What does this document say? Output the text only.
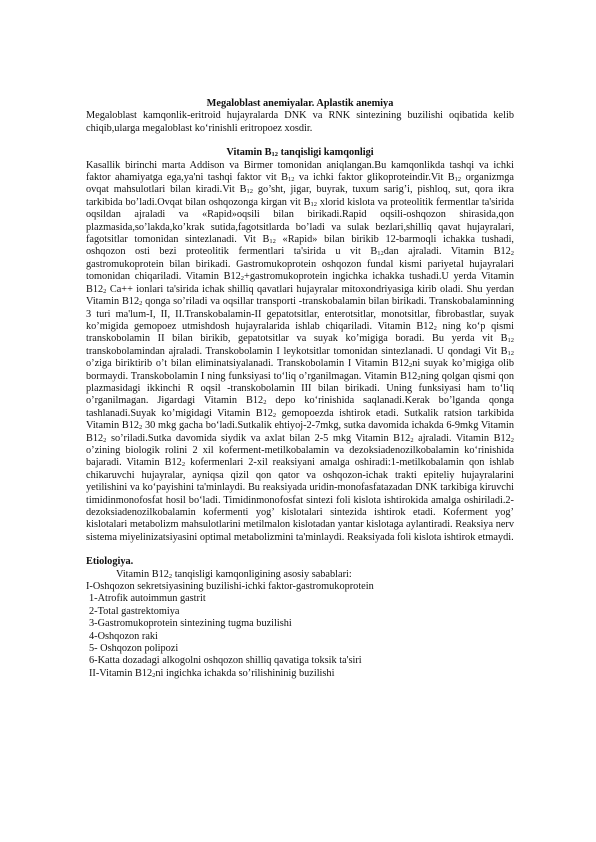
Megaloblast anemiyalar. Aplastik anemiya

Megaloblast kamqonlik-eritroid hujayralarda DNK va RNK sintezining buzilishi oqibatida kelib chiqib,ularga megaloblast ko‘rinishli eritropoez xosdir.

Vitamin $B_{12}$ tanqisligi kamqonligi

Kasallik birinchi marta Addison va Birmer tomonidan aniqlangan.Bu kamqonlikda tashqi va ichki faktor ahamiyatga ega,ya'ni tashqi faktor vit $B_{12}$ va ichki faktor glikoproteindir.Vit $B_{12}$ organizmga ovqat mahsulotlari bilan kiradi.Vit $B_{12}$ go’sht, jigar, buyrak, tuxum sarig’i, pishloq, sut, qora ikra tarkibida bo’ladi.Ovqat bilan oshqozonga kirgan vit $B_{12}$ xlorid kislota va proteolitik fermentlar ta'sirida oqsildan ajraladi va «Rapid»oqsili bilan birikadi.Rapid oqsili-oshqozon shirasida,qon plazmasida,so’lakda,ko’krak sutida,fagotsitlarda bo’ladi va sulak bezlari,shilliq qavat hujayralari, fagotsitlar tomonidan sintezlanadi. Vit $B_{12}$ «Rapid» bilan birikib 12-barmoqli ichakka tushadi, oshqozon osti bezi proteolitik fermentlari ta'sirida u vit $B_{12}dan$ ajraladi. Vitamin $B12_2$ gastromukoprotein bilan birikadi. Gastromukoprotein oshqozon fundal kismi pariyetal hujayralari tomonidan chiqariladi. Vitamin $B12_2+gastromukoprotein$ ingichka ichakka tushadi.U yerda Vitamin $B12_2$ Ca++ ionlari ta'sirida ichak shilliq qavatlari hujayralar mitoxondriyasiga kirib oladi. Shu yerdan Vitamin $B12_2$ qonga so’riladi va oqsillar transporti -transkobalamin bilan birikadi. Transkobalaminning 3 turi ma'lum-I, II, II.Transkobalamin-II gepatotsitlar, enterotsitlar, monotsitlar, fibrobastlar, suyak ko’migida gemopoez utmishdosh hujayralarida ishlab chiqariladi. Vitamin $B12_2$ ning ko‘p qismi transkobolamin II bilan birikib, gepatotsitlar va suyak ko’migiga boradi. Bu yerda vit $B_{12}$ transkobolamindan ajraladi. Transkobolamin I leykotsitlar tomonidan sintezlanadi. U qondagi Vit $B_{12}$ o’ziga biriktirib o’t bilan eliminatsiyalanadi. Transkobolamin I Vitamin $B12_2ni$ suyak ko’migiga olib bormaydi. Transkobolamin I ning funksiyasi to‘liq o’rganilmagan. Vitamin $B12_2ning$ qolgan qismi qon plazmasidagi ikkinchi R oqsil -transkobolamin III bilan birikadi. Uning funksiyasi ham to‘liq o’rganilmagan. Jigardagi Vitamin $B12_2$ depo ko‘rinishida saqlanadi.Kerak bo’lganda qonga tashlanadi.Suyak ko’migidagi Vitamin $B12_2$ gemopoezda ishtirok etadi. Sutkalik ratsion tarkibida Vitamin $B12_2$ 30 mkg gacha bo‘ladi.Sutkalik ehtiyoj-2-7mkg, sutka davomida ichakda 6-9mkg Vitamin $B12_2$ so’riladi.Sutka davomida siydik va axlat bilan 2-5 mkg Vitamin $B12_2$ ajraladi. Vitamin $B12_2$ o’zining biologik rolini 2 xil koferment-metilkobalamin va dezoksiadenozilkobalamin ko‘rinishida bajaradi. Vitamin $B12_2$ kofermenlari 2-xil reaksiyani amalga oshiradi:1-metilkobalamin qon ishlab chikaruvchi hujayralar, ayniqsa qizil qon qator va oshqozon-ichak trakti epiteliy hujayralarini yetilishini va ko‘payishini ta'minlaydi. Bu reaksiyada uridin-monofasfatazadan DNK tarkibiga kiruvchi timidinmonofosfat hosil bo‘ladi. Timidinmonofosfat sintezi foli kislota ishtirokida amalga oshiriladi.2-dezoksiadenozilkobalamin kofermenti yog’ kislotalari sintezida ishtirok etadi. Koferment yog’ kislotalari metabolizm mahsulotlarini metilmalon kislotadan yantar kislotaga aylantiradi. Reaksiya nerv sistema miyelinizatsiyasini optimal metabolizmini ta'minlaydi. Reaksiyada foli kislota ishtirok etmaydi.

Etiologiya.

Vitamin $B12_2$ tanqisligi kamqonligining asosiy sabablari:

I-Oshqozon sekretsiyasining buzilishi-ichki faktor-gastromukoprotein

1-Atrofik autoimmun gastrit

2-Total gastrektomiya

3-Gastromukoprotein sintezining tugma buzilishi

4-Oshqozon raki

5- Oshqozon polipozi

6-Katta dozadagi alkogolni oshqozon shilliq qavatiga toksik ta'siri

II-Vitamin $B12_2ni$ ingichka ichakda so’rilishininig buzilishi
